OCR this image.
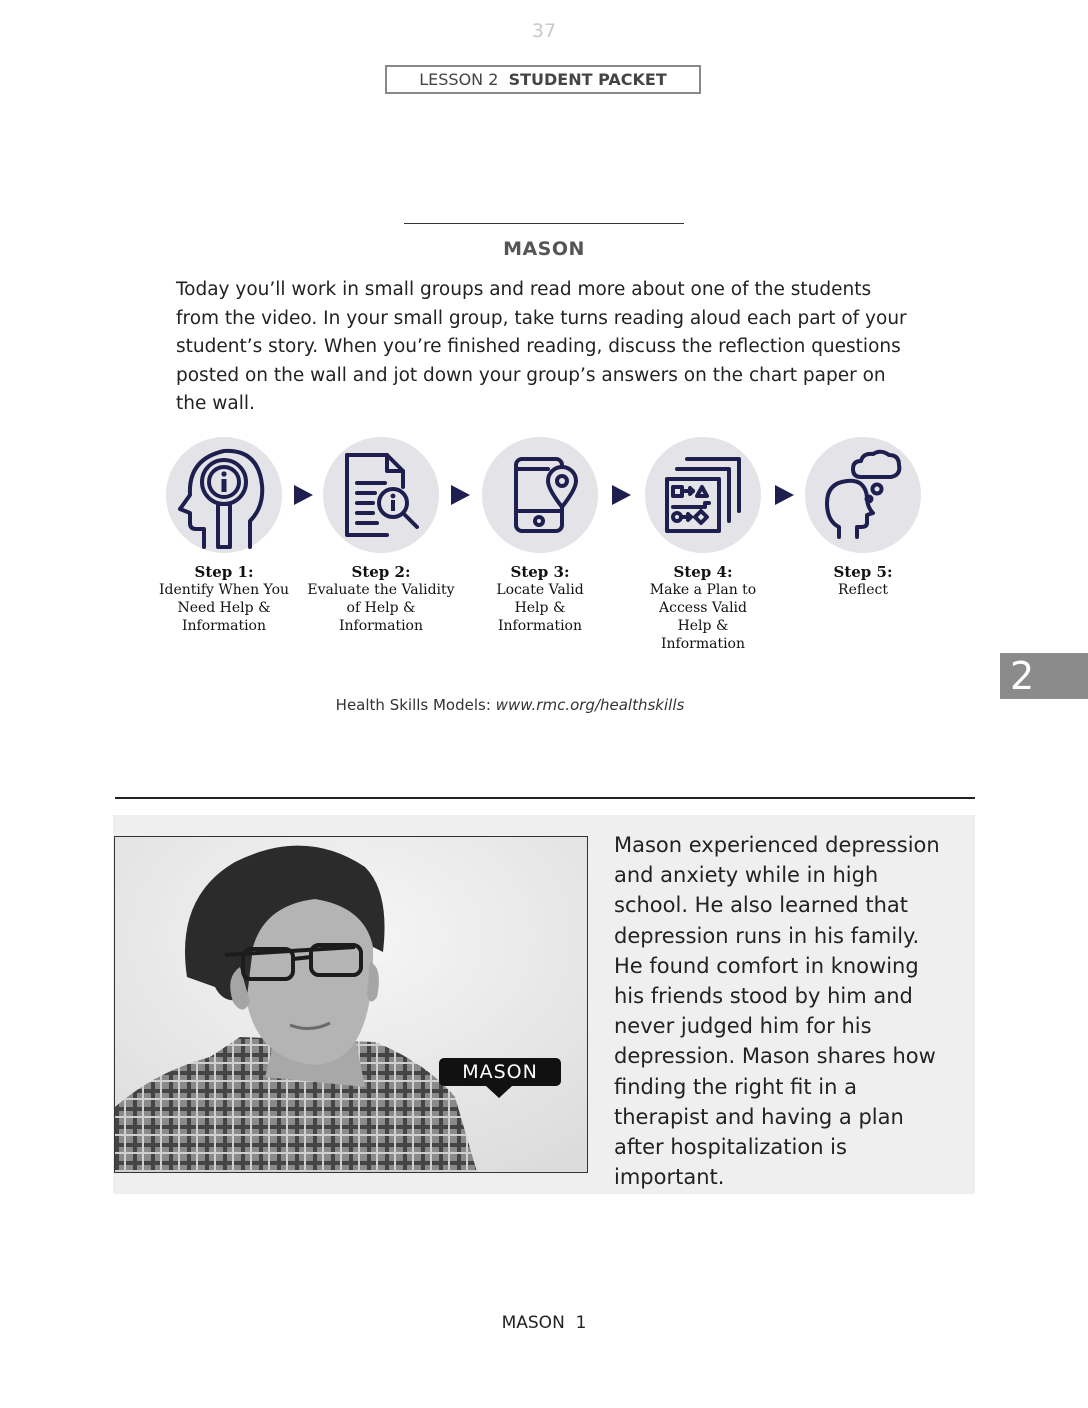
37
LESSON 2 STUDENT PACKET
MASON
Today you’ll work in small groups and read more about one of the students from the video. In your small group, take turns reading aloud each part of your student’s story. When you’re finished reading, discuss the reflection questions posted on the wall and jot down your group’s answers on the chart paper on the wall.
Step 1:
Identify When You Need Help & Information
Step 2:
Evaluate the Validity of Help & Information
Step 3:
Locate Valid Help & Information
Step 4:
Make a Plan to Access Valid Help & Information
Step 5:
Reflect
Health Skills Models: www.rmc.org/healthskills
2
MASON
Mason experienced depression and anxiety while in high school. He also learned that depression runs in his family. He found comfort in knowing his friends stood by him and never judged him for his depression. Mason shares how finding the right fit in a therapist and having a plan after hospitalization is important.
MASON  1
